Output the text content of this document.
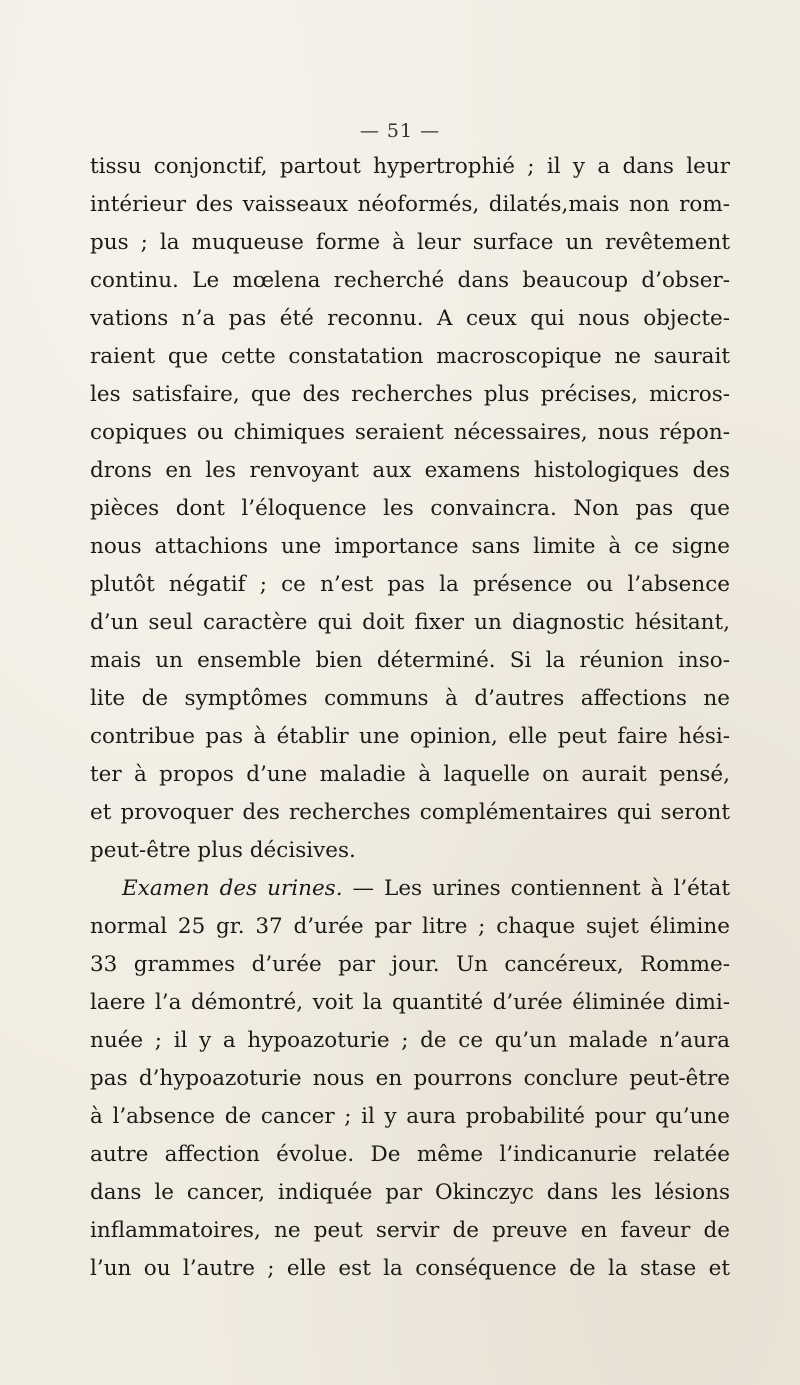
— 51 —
tissu conjonctif, partout hypertrophié ; il y a dans leur
intérieur des vaisseaux néoformés, dilatés,mais non rom-
pus ; la muqueuse forme à leur surface un revêtement
continu. Le mœlena recherché dans beaucoup d’obser-
vations n’a pas été reconnu. A ceux qui nous objecte-
raient que cette constatation macroscopique ne saurait
les satisfaire, que des recherches plus précises, micros-
copiques ou chimiques seraient nécessaires, nous répon-
drons en les renvoyant aux examens histologiques des
pièces dont l’éloquence les convaincra. Non pas que
nous attachions une importance sans limite à ce signe
plutôt négatif ; ce n’est pas la présence ou l’absence
d’un seul caractère qui doit fixer un diagnostic hésitant,
mais un ensemble bien déterminé. Si la réunion inso-
lite de symptômes communs à d’autres affections ne
contribue pas à établir une opinion, elle peut faire hési-
ter à propos d’une maladie à laquelle on aurait pensé,
et provoquer des recherches complémentaires qui seront
peut-être plus décisives.
Examen des urines. — Les urines contiennent à l’état
normal 25 gr. 37 d’urée par litre ; chaque sujet élimine
33 grammes d’urée par jour. Un cancéreux, Romme-
laere l’a démontré, voit la quantité d’urée éliminée dimi-
nuée ; il y a hypoazoturie ; de ce qu’un malade n’aura
pas d’hypoazoturie nous en pourrons conclure peut-être
à l’absence de cancer ; il y aura probabilité pour qu’une
autre affection évolue. De même l’indicanurie relatée
dans le cancer, indiquée par Okinczyc dans les lésions
inflammatoires, ne peut servir de preuve en faveur de
l’un ou l’autre ; elle est la conséquence de la stase et
